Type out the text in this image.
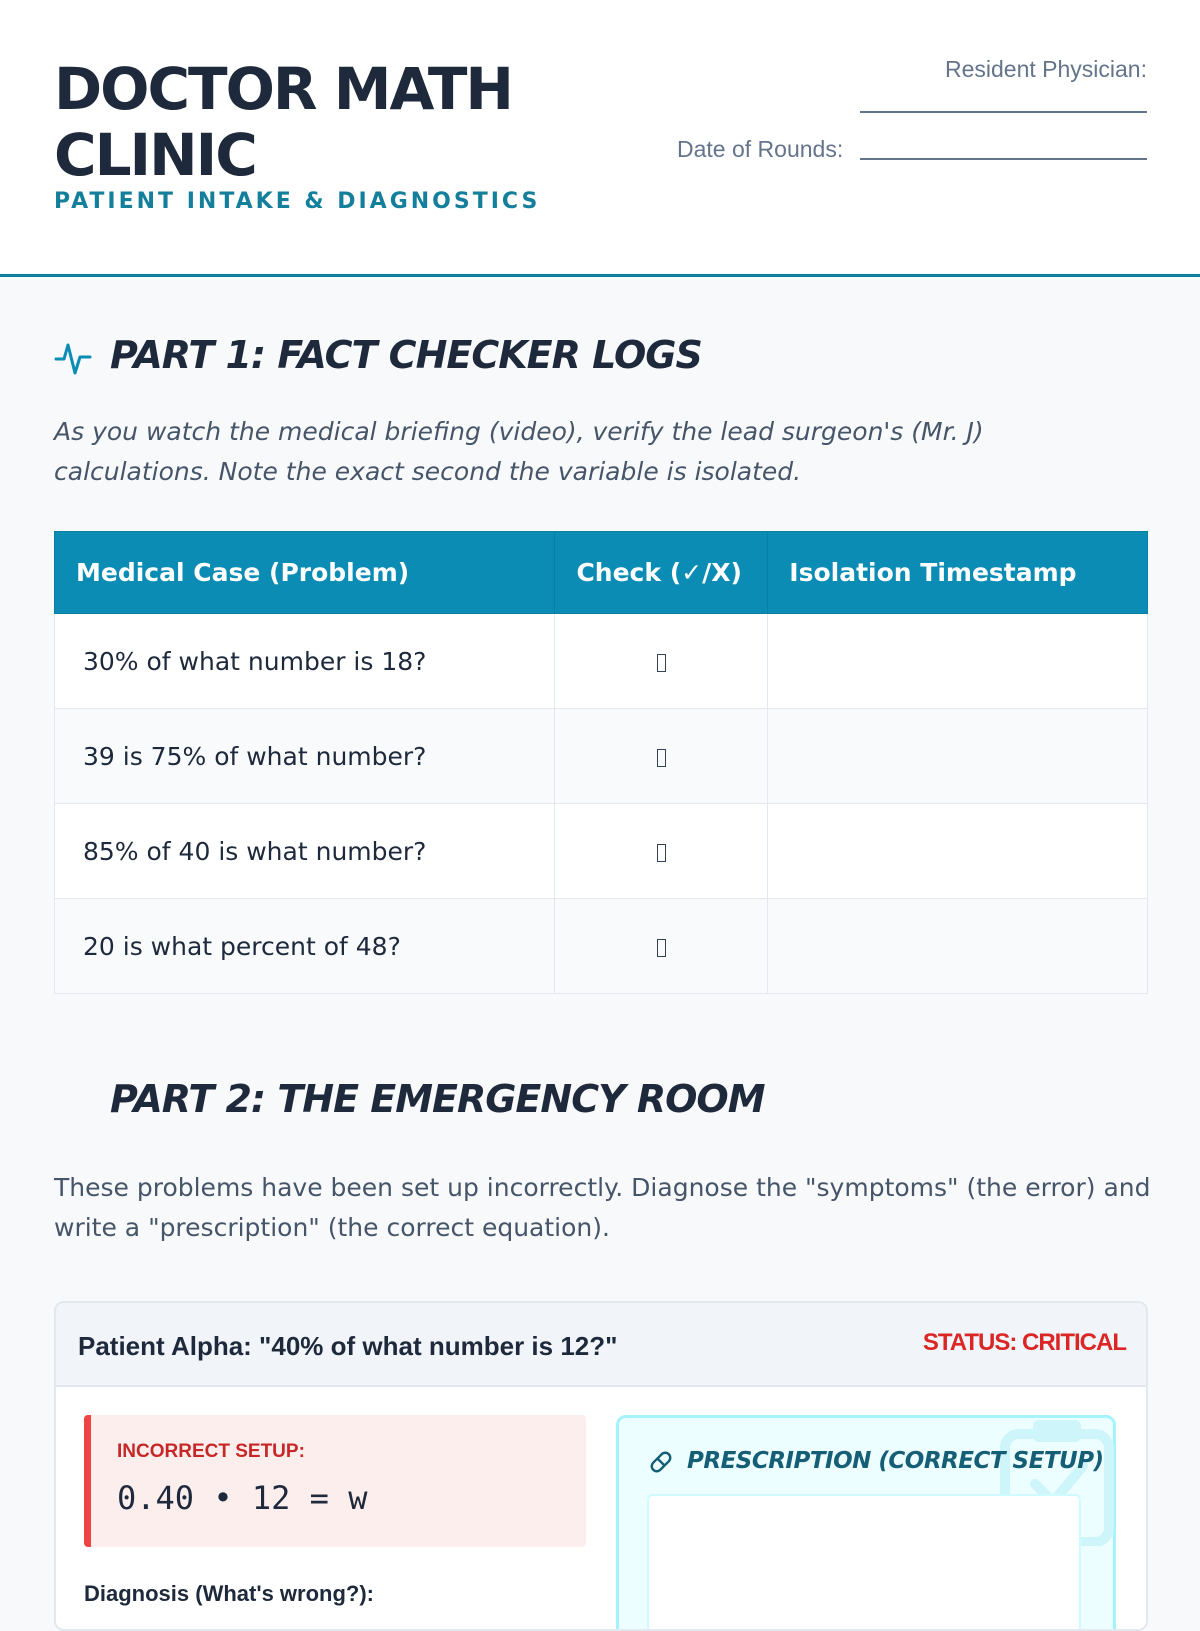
DOCTOR MATH CLINIC
PATIENT INTAKE & DIAGNOSTICS
Resident Physician:
Date of Rounds:
PART 1: FACT CHECKER LOGS
As you watch the medical briefing (video), verify the lead surgeon's (Mr. J) calculations. Note the exact second the variable is isolated.
Medical Case (Problem)	Check (✓/X)	Isolation Timestamp
30% of what number is 18?		
39 is 75% of what number?		
85% of 40 is what number?		
20 is what percent of 48?		
PART 2: THE EMERGENCY ROOM
These problems have been set up incorrectly. Diagnose the "symptoms" (the error) and write a "prescription" (the correct equation).
Patient Alpha: "40% of what number is 12?"	STATUS: CRITICAL
INCORRECT SETUP:
0.40 • 12 = w
Diagnosis (What's wrong?):
PRESCRIPTION (CORRECT SETUP)
